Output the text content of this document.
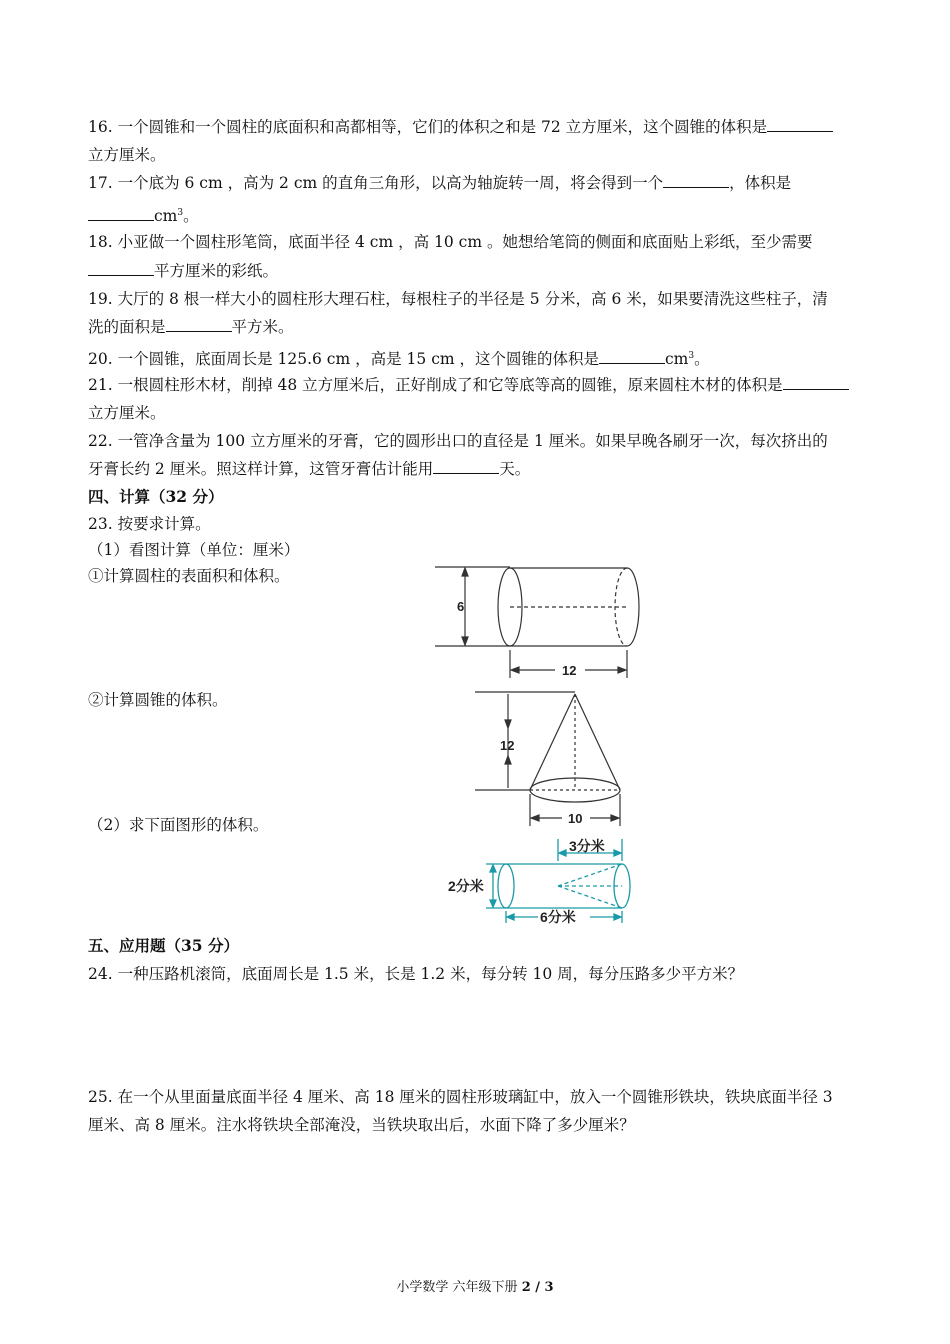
16. 一个圆锥和一个圆柱的底面积和高都相等，它们的体积之和是 72 立方厘米，这个圆锥的体积是
立方厘米。
17. 一个底为 6 cm ，高为 2 cm 的直角三角形，以高为轴旋转一周，将会得到一个	，体积是
$cm^3$。
18. 小亚做一个圆柱形笔筒，底面半径 4 cm ，高 10 cm 。她想给笔筒的侧面和底面贴上彩纸，至少需要
平方厘米的彩纸。
19. 大厅的 8 根一样大小的圆柱形大理石柱，每根柱子的半径是 5 分米，高 6 米，如果要清洗这些柱子，清
洗的面积是	平方米。
20. 一个圆锥，底面周长是 125.6 cm ，高是 15 cm ，这个圆锥的体积是	$cm^3$。
21. 一根圆柱形木材，削掉 48 立方厘米后，正好削成了和它等底等高的圆锥，原来圆柱木材的体积是
立方厘米。
22. 一管净含量为 100 立方厘米的牙膏，它的圆形出口的直径是 1 厘米。如果早晚各刷牙一次，每次挤出的
牙膏长约 2 厘米。照这样计算，这管牙膏估计能用	天。
四、计算（32 分）
23. 按要求计算。
（1）看图计算（单位：厘米）
①计算圆柱的表面积和体积。
②计算圆锥的体积。
（2）求下面图形的体积。
6
12
12
10
3分米
2分米
6分米
五、应用题（35 分）
24. 一种压路机滚筒，底面周长是 1.5 米，长是 1.2 米，每分转 10 周，每分压路多少平方米？
25. 在一个从里面量底面半径 4 厘米、高 18 厘米的圆柱形玻璃缸中，放入一个圆锥形铁块，铁块底面半径 3
厘米、高 8 厘米。注水将铁块全部淹没，当铁块取出后，水面下降了多少厘米？
小学数学 六年级下册 2 / 3
